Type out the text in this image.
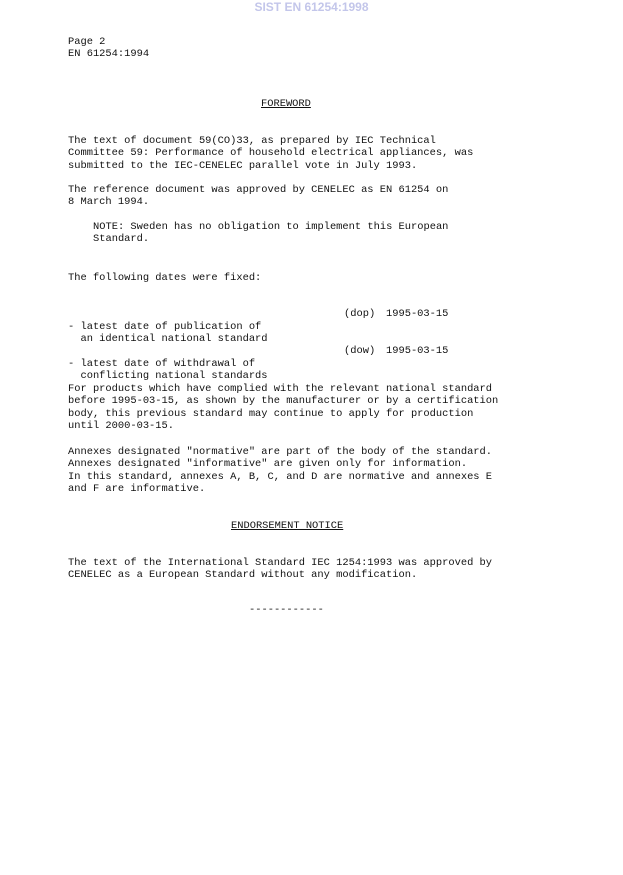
SIST EN 61254:1998
Page 2
EN 61254:1994
FOREWORD
The text of document 59(CO)33, as prepared by IEC Technical
Committee 59: Performance of household electrical appliances, was
submitted to the IEC-CENELEC parallel vote in July 1993.
The reference document was approved by CENELEC as EN 61254 on
8 March 1994.
NOTE: Sweden has no obligation to implement this European
Standard.
The following dates were fixed:

- latest date of publication of
an identical national standard

(dop)

1995-03-15

- latest date of withdrawal of
conflicting national standards

(dow)

1995-03-15

For products which have complied with the relevant national standard
before 1995-03-15, as shown by the manufacturer or by a certification
body, this previous standard may continue to apply for production
until 2000-03-15.
Annexes designated "normative" are part of the body of the standard.
Annexes designated "informative" are given only for information.
In this standard, annexes A, B, C, and D are normative and annexes E
and F are informative.
ENDORSEMENT NOTICE
The text of the International Standard IEC 1254:1993 was approved by
CENELEC as a European Standard without any modification.
------------
